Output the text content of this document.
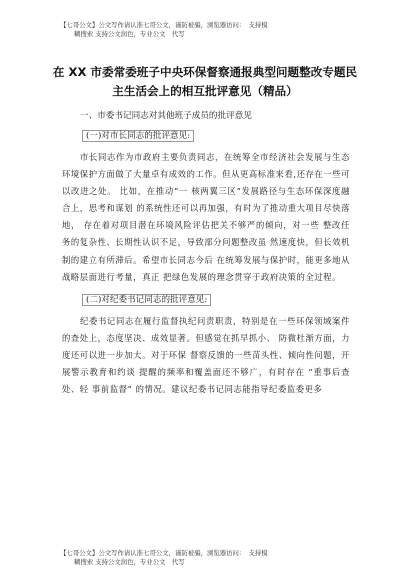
【七哥公文】公文写作请认准七哥公文，谨防被骗，浏览器访问：　支持模
糊搜索 支持公文润色，专业公文　代写
在 XX 市委常委班子中央环保督察通报典型问题整改专题民 主生活会上的相互批评意见（精品）

一、市委书记同志对其他班子成员的批评意见

(一)对市长同志的批评意见:

市长同志作为市政府主要负责同志，在统筹全市经济社会发展与生态环境保护方面做了大量卓有成效的工作。但从更高标准来看,还存在一些可以改进之处。 比如，在推动“一 核两翼三区”发展路径与生态环保深度融合上，思考和谋划 的系统性还可以再加强，有时为了推动重大项目尽快落地， 存在着对项目潜在环境风险评估把关不够严的倾向，对一些 整改任务的复杂性、长期性认识不足，导致部分问题整改虽 然速度快，但长效机制的建立有所滞后。希望市长同志今后 在统筹发展与保护时，能更多地从战略层面进行考量，真正 把绿色发展的理念贯穿于政府决策的全过程。

(二)对纪委书记同志的批评意见:

纪委书记同志在履行监督执纪问责职责，特别是在一些环保领域案件的查处上，态度坚决、成效显著。但感觉在抓早抓小、 防微杜渐方面，力度还可以进一步加大。对于环保 督察反馈的一些苗头性、倾向性问题，开展警示教育和约谈 提醒的频率和覆盖面还不够广，有时存在 “重事后查处、轻 事前监督” 的情况。建议纪委书记同志能指导纪委监委更多

【七哥公文】公文写作请认准七哥公文，谨防被骗，浏览器访问：　支持模
糊搜索 支持公文润色，专业公文　代写
